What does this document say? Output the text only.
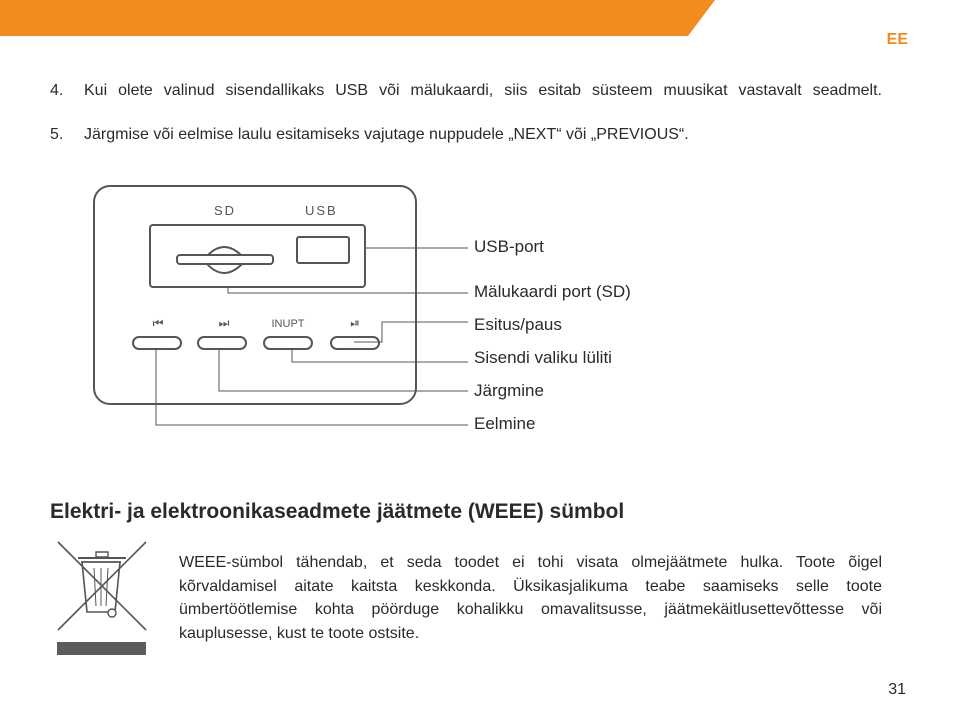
EE
4. Kui olete valinud sisendallikaks USB või mälukaardi, siis esitab süsteem muusikat vastavalt seadmelt.
5. Järgmise või eelmise laulu esitamiseks vajutage nuppudele „NEXT“ või „PREVIOUS“.
SD	USB
⏮	⏭	INUPT	⏯
USB-port
Mälukaardi port (SD)
Esitus/paus
Sisendi valiku lüliti
Järgmine
Eelmine
Elektri- ja elektroonikaseadmete jäätmete (WEEE) sümbol
WEEE-sümbol tähendab, et seda toodet ei tohi visata olmejäätmete hulka. Toote õigel kõrvaldamisel aitate kaitsta keskkonda. Üksikasjalikuma teabe saamiseks selle toote ümbertöötlemise kohta pöörduge kohalikku omavalitsusse, jäätmekäitlusettevõttesse või kauplusesse, kust te toote ostsite.
31
